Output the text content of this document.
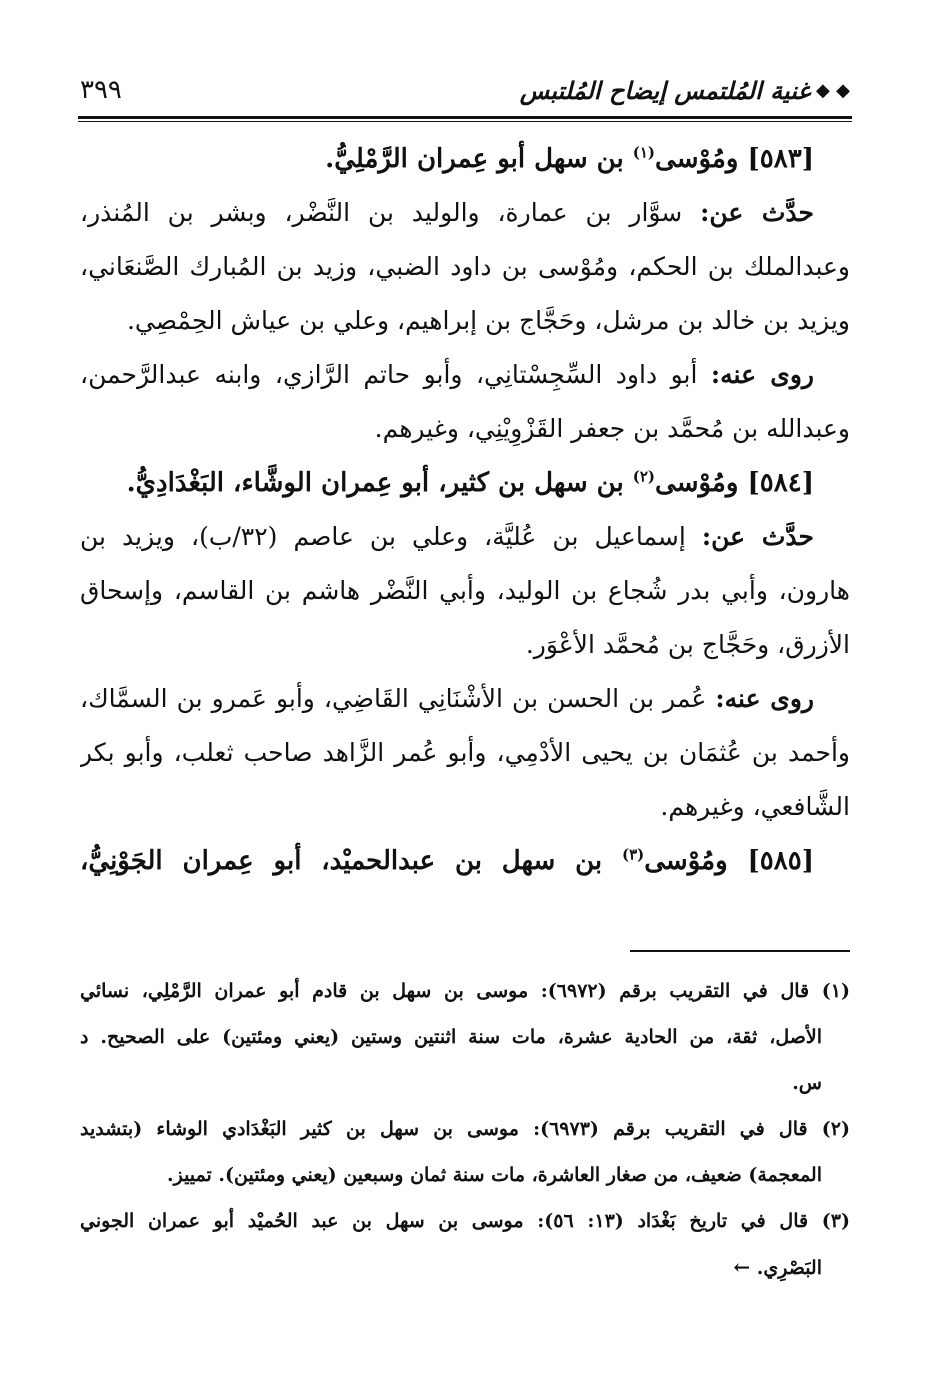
٣٩٩	◆ ◆
غنية المُلتمس إيضاح المُلتبس
[٥٨٣] ومُوْسى$^{(١)}$ بن سهل أبو عِمران الرَّمْلِيُّ.
حدَّث عن: سوَّار بن عمارة، والوليد بن النَّضْر، وبشر بن المُنذر،
وعبدالملك بن الحكم، ومُوْسى بن داود الضبي، وزيد بن المُبارك الصَّنعَاني،
ويزيد بن خالد بن مرشل، وحَجَّاج بن إبراهيم، وعلي بن عياش الحِمْصِي.
روى عنه: أبو داود السِّجِسْتانِي، وأبو حاتم الرَّازي، وابنه عبدالرَّحمن،
وعبدالله بن مُحمَّد بن جعفر القَزْوِيْنِي، وغيرهم.
[٥٨٤] ومُوْسى$^{(٢)}$ بن سهل بن كثير، أبو عِمران الوشَّاء، البَغْدَادِيُّ.
حدَّث عن: إسماعيل بن عُليَّة، وعلي بن عاصم (٣٢/ب)، ويزيد بن
هارون، وأبي بدر شُجاع بن الوليد، وأبي النَّضْر هاشم بن القاسم، وإسحاق
الأزرق، وحَجَّاج بن مُحمَّد الأعْوَر.
روى عنه: عُمر بن الحسن بن الأشْنَانِي القَاضِي، وأبو عَمرو بن السمَّاك،
وأحمد بن عُثمَان بن يحيى الأدْمِي، وأبو عُمر الزَّاهد صاحب ثعلب، وأبو بكر
الشَّافعي، وغيرهم.
[٥٨٥] ومُوْسى$^{(٣)}$ بن سهل بن عبدالحميْد، أبو عِمران الجَوْنِيُّ،
(١) قال في التقريب برقم (٦٩٧٢): موسى بن سهل بن قادم أبو عمران الرَّمْلِي، نسائي
الأصل، ثقة، من الحادية عشرة، مات سنة اثنتين وستين (يعني ومئتين) على الصحيح. د
س.
(٢) قال في التقريب برقم (٦٩٧٣): موسى بن سهل بن كثير البَغْدَادي الوشاء (بتشديد
المعجمة) ضعيف، من صغار العاشرة، مات سنة ثمان وسبعين (يعني ومئتين). تمييز.
(٣) قال في تاريخ بَغْدَاد (١٣: ٥٦): موسى بن سهل بن عبد الحُميْد أبو عمران الجوني
البَصْرِي. ←
